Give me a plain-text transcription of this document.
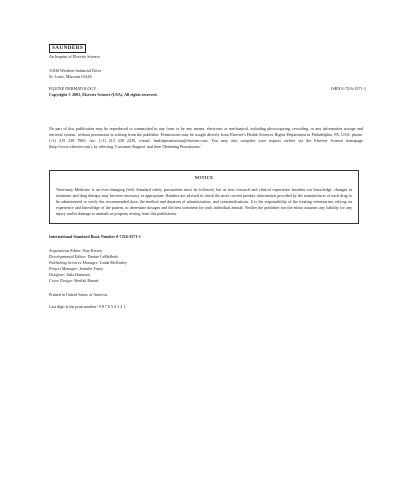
SAUNDERS
An Imprint of Elsevier Science
11830 Westline Industrial Drive
St. Louis, Missouri 63146
EQUINE DERMATOLOGY	ISBN 0-7216-2571-1
Copyright © 2003, Elsevier Science (USA). All rights reserved.
No part of this publication may be reproduced or transmitted in any form or by any means, electronic or mechanical, including photocopying, recording, or any information storage and retrieval system, without permission in writing from the publisher. Permissions may be sought directly from Elsevier's Health Sciences Rights Department in Philadelphia, PA, USA: phone: (+1) 215 238 7869, fax: (+1) 215 238 2239, e-mail: healthpermissions@elsevier.com. You may also complete your request on-line via the Elsevier Science homepage (http://www.elsevier.com), by selecting 'Customer Support' and then 'Obtaining Permissions'.
NOTICE
Veterinary Medicine is an ever-changing field. Standard safety precautions must be followed, but as new research and clinical experience broaden our knowledge, changes in treatment and drug therapy may become necessary or appropriate. Readers are advised to check the most current product information provided by the manufacturer of each drug to be administered to verify the recommended dose, the method and duration of administration, and contraindications. It is the responsibility of the treating veterinarian, relying on experience and knowledge of the patient, to determine dosages and the best treatment for each individual animal. Neither the publisher nor the editor assumes any liability for any injury and/or damage to animals or property arising from this publication.
International Standard Book Number 0-7216-2571-1
Acquisitions Editor: Ray Kersey
Developmental Editor: Denise LeMelledo
Publishing Services Manager: Linda McKinley
Project Manager: Jennifer Furey
Designer: Julia Dummitt
Cover Design: Sheilah Barrett
Printed in United States of America
Last digit is the print number: 9 8 7 6 5 4 3 2 1
